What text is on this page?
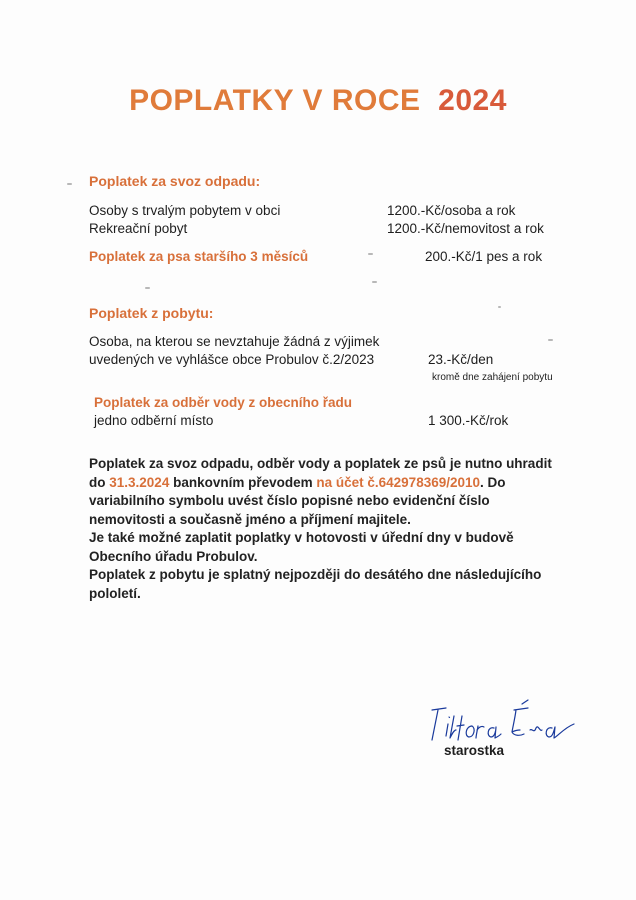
POPLATKY V ROCE 2024
Poplatek za svoz odpadu:
Osoby s trvalým pobytem v obci	1200.-Kč/osoba a rok
Rekreační pobyt	1200.-Kč/nemovitost a rok
Poplatek za psa staršího 3 měsíců	200.-Kč/1 pes a rok
Poplatek z pobytu:
Osoba, na kterou se nevztahuje žádná z výjimek
uvedených ve vyhlášce obce Probulov č.2/2023	23.-Kč/den
kromě dne zahájení pobytu
Poplatek za odběr vody z obecního řadu
jedno odběrní místo	1 300.-Kč/rok

Poplatek za svoz odpadu, odběr vody a poplatek ze psů je nutno uhradit do 31.3.2024 bankovním převodem na účet č.642978369/2010. Do variabilního symbolu uvést číslo popisné nebo evidenční číslo nemovitosti a současně jméno a příjmení majitele.

Je také možné zaplatit poplatky v hotovosti v úřední dny v budově Obecního úřadu Probulov.

Poplatek z pobytu je splatný nejpozději do desátého dne následujícího pololetí.

starostka
